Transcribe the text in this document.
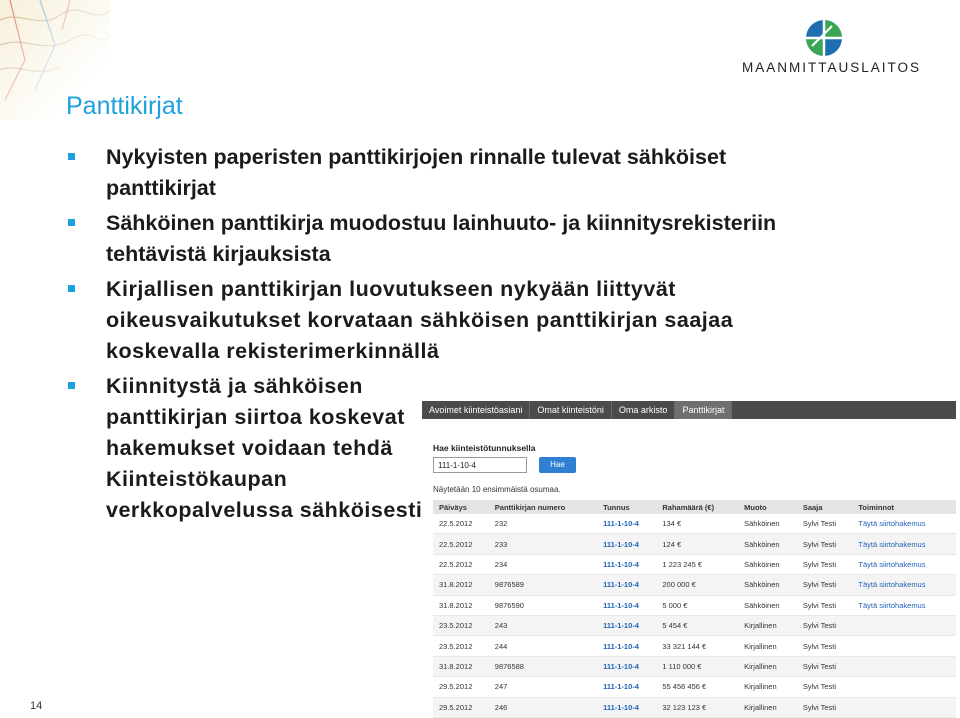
MAANMITTAUSLAITOS
Panttikirjat
Nykyisten paperisten panttikirjojen rinnalle tulevat sähköiset panttikirjat
Sähköinen panttikirja muodostuu lainhuuto- ja kiinnitysrekisteriin tehtävistä kirjauksista
Kirjallisen panttikirjan luovutukseen nykyään liittyvät oikeusvaikutukset korvataan sähköisen panttikirjan saajaa koskevalla rekisterimerkinnällä
Kiinnitystä ja sähköisen panttikirjan siirtoa koskevat hakemukset voidaan tehdä Kiinteistökaupan verkkopalvelussa sähköisesti
Avoimet kiinteistöasiani	Omat kiinteistöni	Oma arkisto	Panttikirjat
Hae kiinteistötunnuksella
111-1-10-4	Hae
Näytetään 10 ensimmäistä osumaa.
Päiväys	Panttikirjan numero	Tunnus	Rahamäärä (€)	Muoto	Saaja	Toiminnot
22.5.2012	232	111-1-10-4	134 €	Sähköinen	Sylvi Testi	Täytä siirtohakemus
22.5.2012	233	111-1-10-4	124 €	Sähköinen	Sylvi Testi	Täytä siirtohakemus
22.5.2012	234	111-1-10-4	1 223 245 €	Sähköinen	Sylvi Testi	Täytä siirtohakemus
31.8.2012	9876589	111-1-10-4	200 000 €	Sähköinen	Sylvi Testi	Täytä siirtohakemus
31.8.2012	9876590	111-1-10-4	5 000 €	Sähköinen	Sylvi Testi	Täytä siirtohakemus
23.5.2012	243	111-1-10-4	5 454 €	Kirjallinen	Sylvi Testi	
23.5.2012	244	111-1-10-4	33 321 144 €	Kirjallinen	Sylvi Testi	
31.8.2012	9876588	111-1-10-4	1 110 000 €	Kirjallinen	Sylvi Testi	
29.5.2012	247	111-1-10-4	55 456 456 €	Kirjallinen	Sylvi Testi	
29.5.2012	246	111-1-10-4	32 123 123 €	Kirjallinen	Sylvi Testi	
14
